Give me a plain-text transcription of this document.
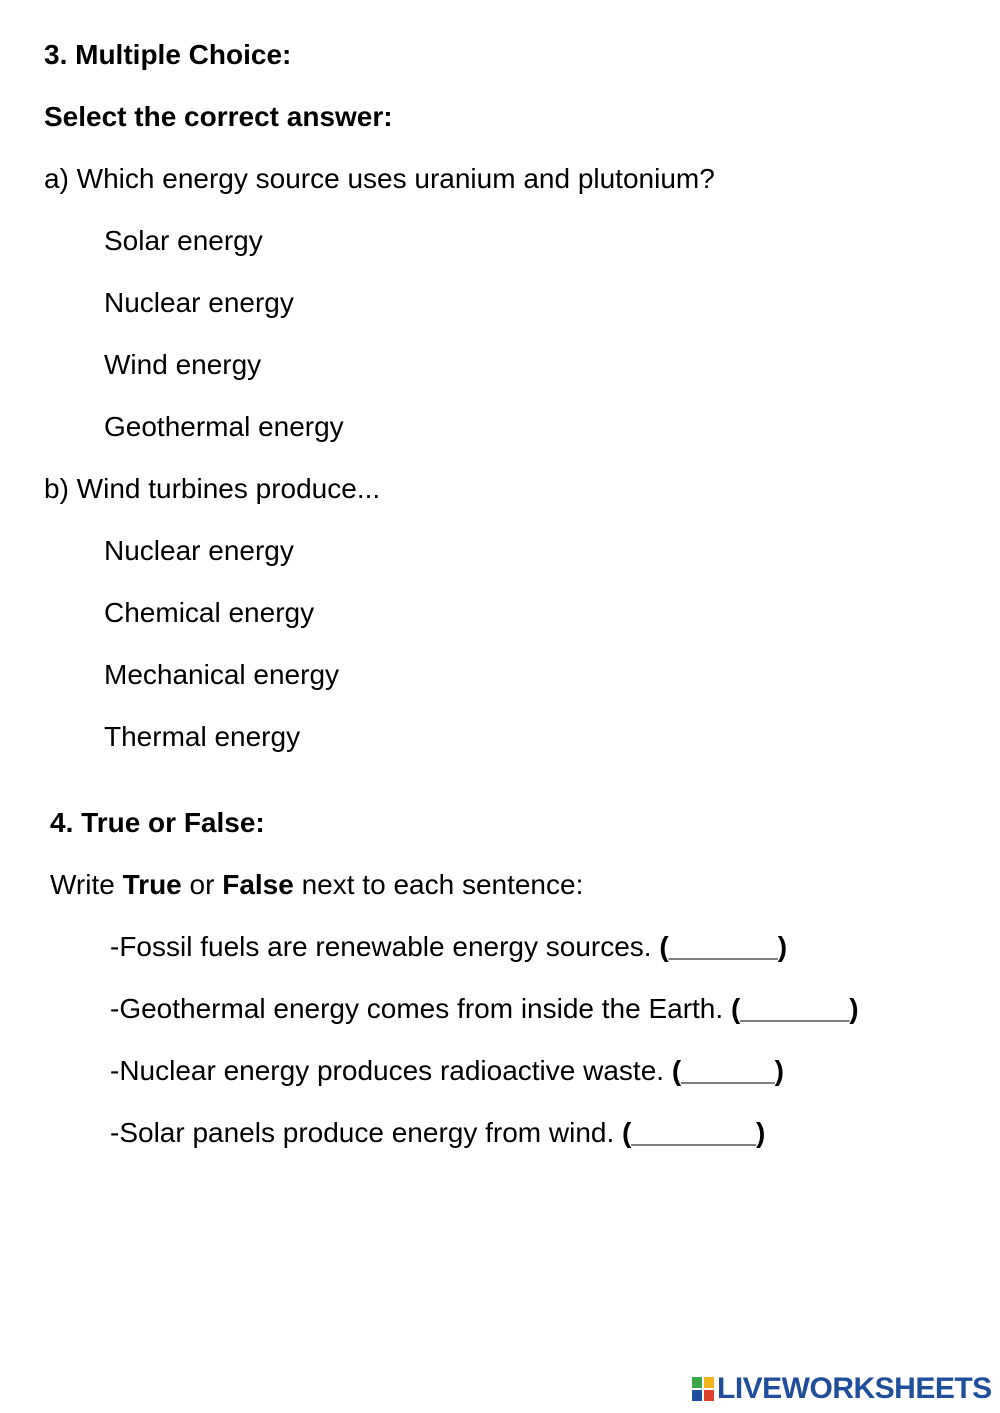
3. Multiple Choice:
Select the correct answer:
a) Which energy source uses uranium and plutonium?
Solar energy
Nuclear energy
Wind energy
Geothermal energy
b) Wind turbines produce...
Nuclear energy
Chemical energy
Mechanical energy
Thermal energy
4. True or False:
Write True or False next to each sentence:
-Fossil fuels are renewable energy sources. (_______)
-Geothermal energy comes from inside the Earth. (_______)
-Nuclear energy produces radioactive waste. (______)
-Solar panels produce energy from wind. (________)
LIVEWORKSHEETS
